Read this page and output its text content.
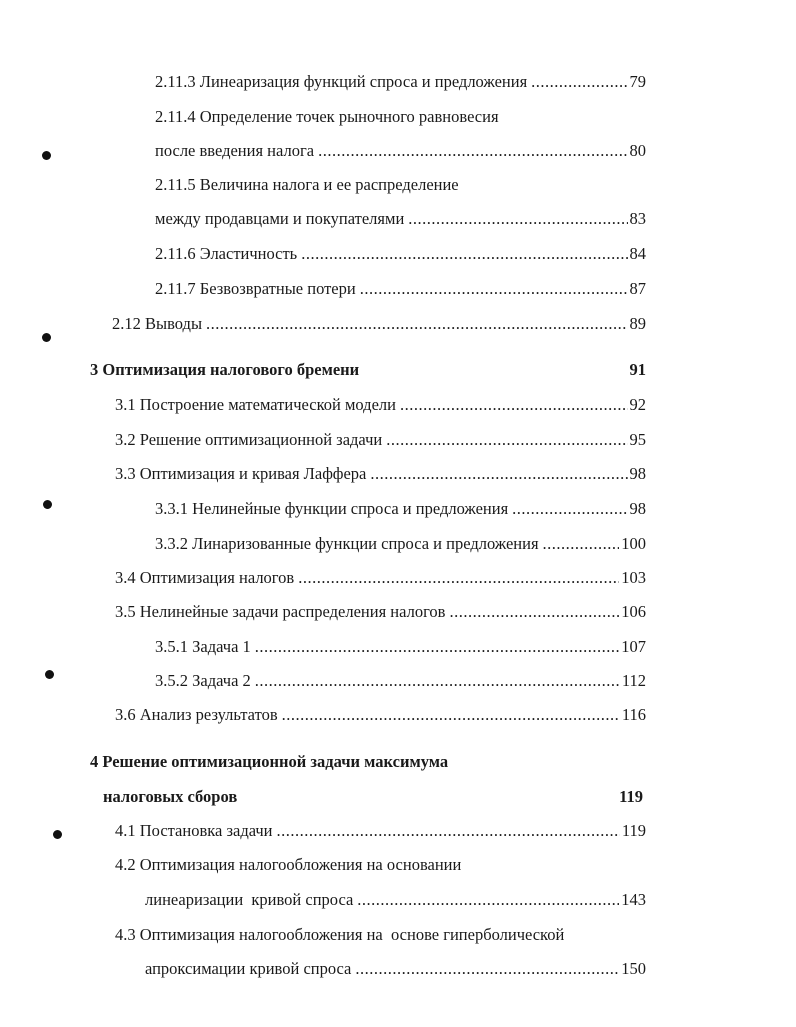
2.11.3 Линеаризация функций спроса и предложения .....	79
2.11.4 Определение точек рыночного равновесия
после введения налога .....	80
2.11.5 Величина налога и ее распределение
между продавцами и покупателями .....	83
2.11.6 Эластичность .....	84
2.11.7 Безвозвратные потери .....	87
2.12 Выводы .....	89
3 Оптимизация налогового бремени	91
3.1 Построение математической модели .....	92
3.2 Решение оптимизационной задачи .....	95
3.3 Оптимизация и кривая Лаффера .....	98
3.3.1 Нелинейные функции спроса и предложения .....	98
3.3.2 Линаризованные функции спроса и предложения .....	100
3.4 Оптимизация налогов .....	103
3.5 Нелинейные задачи распределения налогов .....	106
3.5.1 Задача 1 .....	107
3.5.2 Задача 2 .....	112
3.6 Анализ результатов .....	116
4 Решение оптимизационной задачи максимума
налоговых сборов	119
4.1 Постановка задачи .....	119
4.2 Оптимизация налогообложения на основании
линеаризации  кривой спроса .....	143
4.3 Оптимизация налогообложения на  основе гиперболической
апроксимации кривой спроса .....	150
